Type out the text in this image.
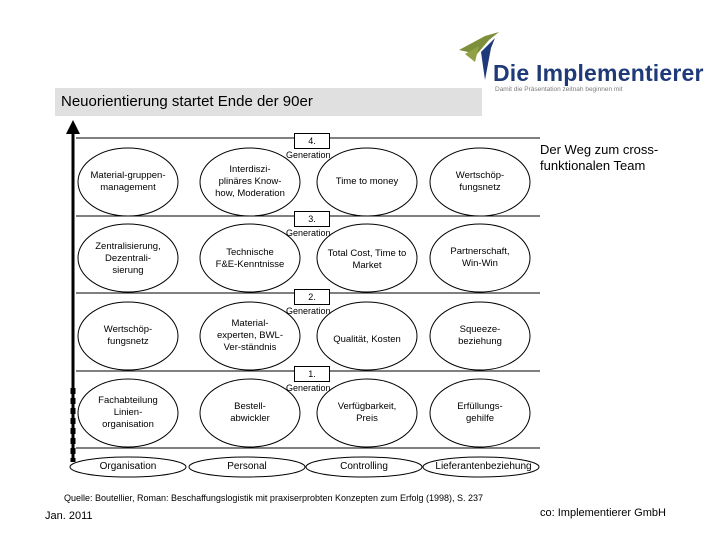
Neuorientierung startet Ende der 90er
Die Implementierer
Damit die Präsentation zeitnah beginnen mit
Der Weg zum cross-funktionalen Team
4.
Generation
3.
Generation
2.
Generation
1.
Generation
Material-gruppen-management
Interdiszi-plinäres Know-how, Moderation
Time to money
Wertschöp-fungsnetz
Zentralisierung, Dezentrali-sierung
Technische F&E-Kenntnisse
Total Cost, Time to Market
Partnerschaft, Win-Win
Wertschöp-fungsnetz
Material-experten, BWL-Ver-ständnis
Qualität, Kosten
Squeeze-beziehung
Fachabteilung Linien-organisation
Bestell-abwickler
Verfügbarkeit, Preis
Erfüllungs-gehilfe
Organisation	Personal	Controlling	Lieferantenbeziehung
Quelle: Boutellier, Roman: Beschaffungslogistik mit praxiserprobten Konzepten zum Erfolg (1998), S. 237
Jan. 2011	co: Implementierer GmbH
